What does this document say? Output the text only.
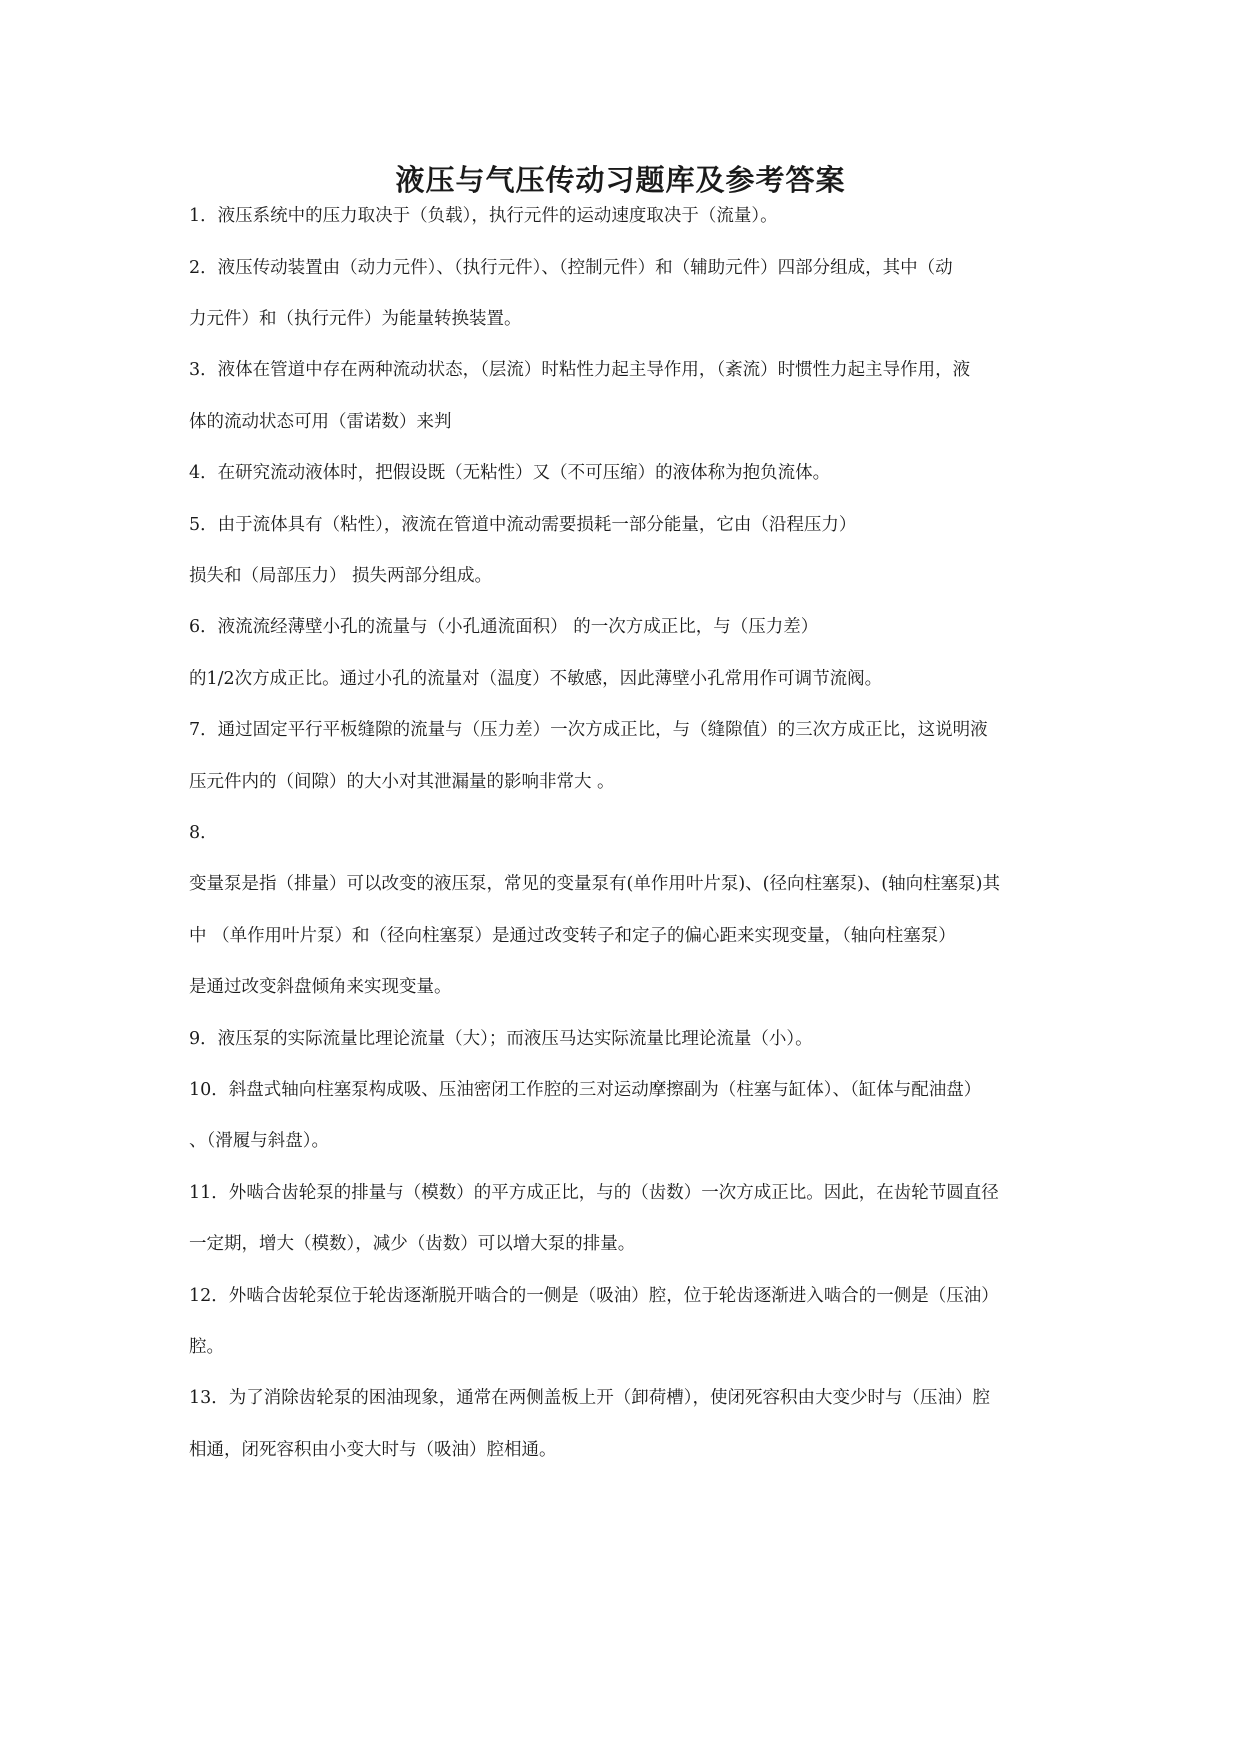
液压与气压传动习题库及参考答案
1．液压系统中的压力取决于（负载），执行元件的运动速度取决于（流量）。
2．液压传动装置由（动力元件）、（执行元件）、（控制元件）和（辅助元件）四部分组成，其中（动
力元件）和（执行元件）为能量转换装置。
3．液体在管道中存在两种流动状态，（层流）时粘性力起主导作用，（紊流）时惯性力起主导作用，液
体的流动状态可用（雷诺数）来判
4．在研究流动液体时，把假设既（无粘性）又（不可压缩）的液体称为抱负流体。
5．由于流体具有（粘性），液流在管道中流动需要损耗一部分能量，它由（沿程压力）
损失和（局部压力） 损失两部分组成。
6．液流流经薄壁小孔的流量与（小孔通流面积） 的一次方成正比，与（压力差）
的1/2次方成正比。通过小孔的流量对（温度）不敏感，因此薄壁小孔常用作可调节流阀。
7．通过固定平行平板缝隙的流量与（压力差）一次方成正比，与（缝隙值）的三次方成正比，这说明液
压元件内的（间隙）的大小对其泄漏量的影响非常大 。
8．
变量泵是指（排量）可以改变的液压泵，常见的变量泵有(单作用叶片泵)、(径向柱塞泵)、(轴向柱塞泵)其
中 （单作用叶片泵）和（径向柱塞泵）是通过改变转子和定子的偏心距来实现变量，（轴向柱塞泵）
是通过改变斜盘倾角来实现变量。
9．液压泵的实际流量比理论流量（大）；而液压马达实际流量比理论流量（小）。
10．斜盘式轴向柱塞泵构成吸、压油密闭工作腔的三对运动摩擦副为（柱塞与缸体）、（缸体与配油盘）
、（滑履与斜盘）。
11．外啮合齿轮泵的排量与（模数）的平方成正比，与的（齿数）一次方成正比。因此，在齿轮节圆直径
一定期，增大（模数），减少（齿数）可以增大泵的排量。
12．外啮合齿轮泵位于轮齿逐渐脱开啮合的一侧是（吸油）腔，位于轮齿逐渐进入啮合的一侧是（压油）
腔。
13．为了消除齿轮泵的困油现象，通常在两侧盖板上开（卸荷槽），使闭死容积由大变少时与（压油）腔
相通，闭死容积由小变大时与（吸油）腔相通。
